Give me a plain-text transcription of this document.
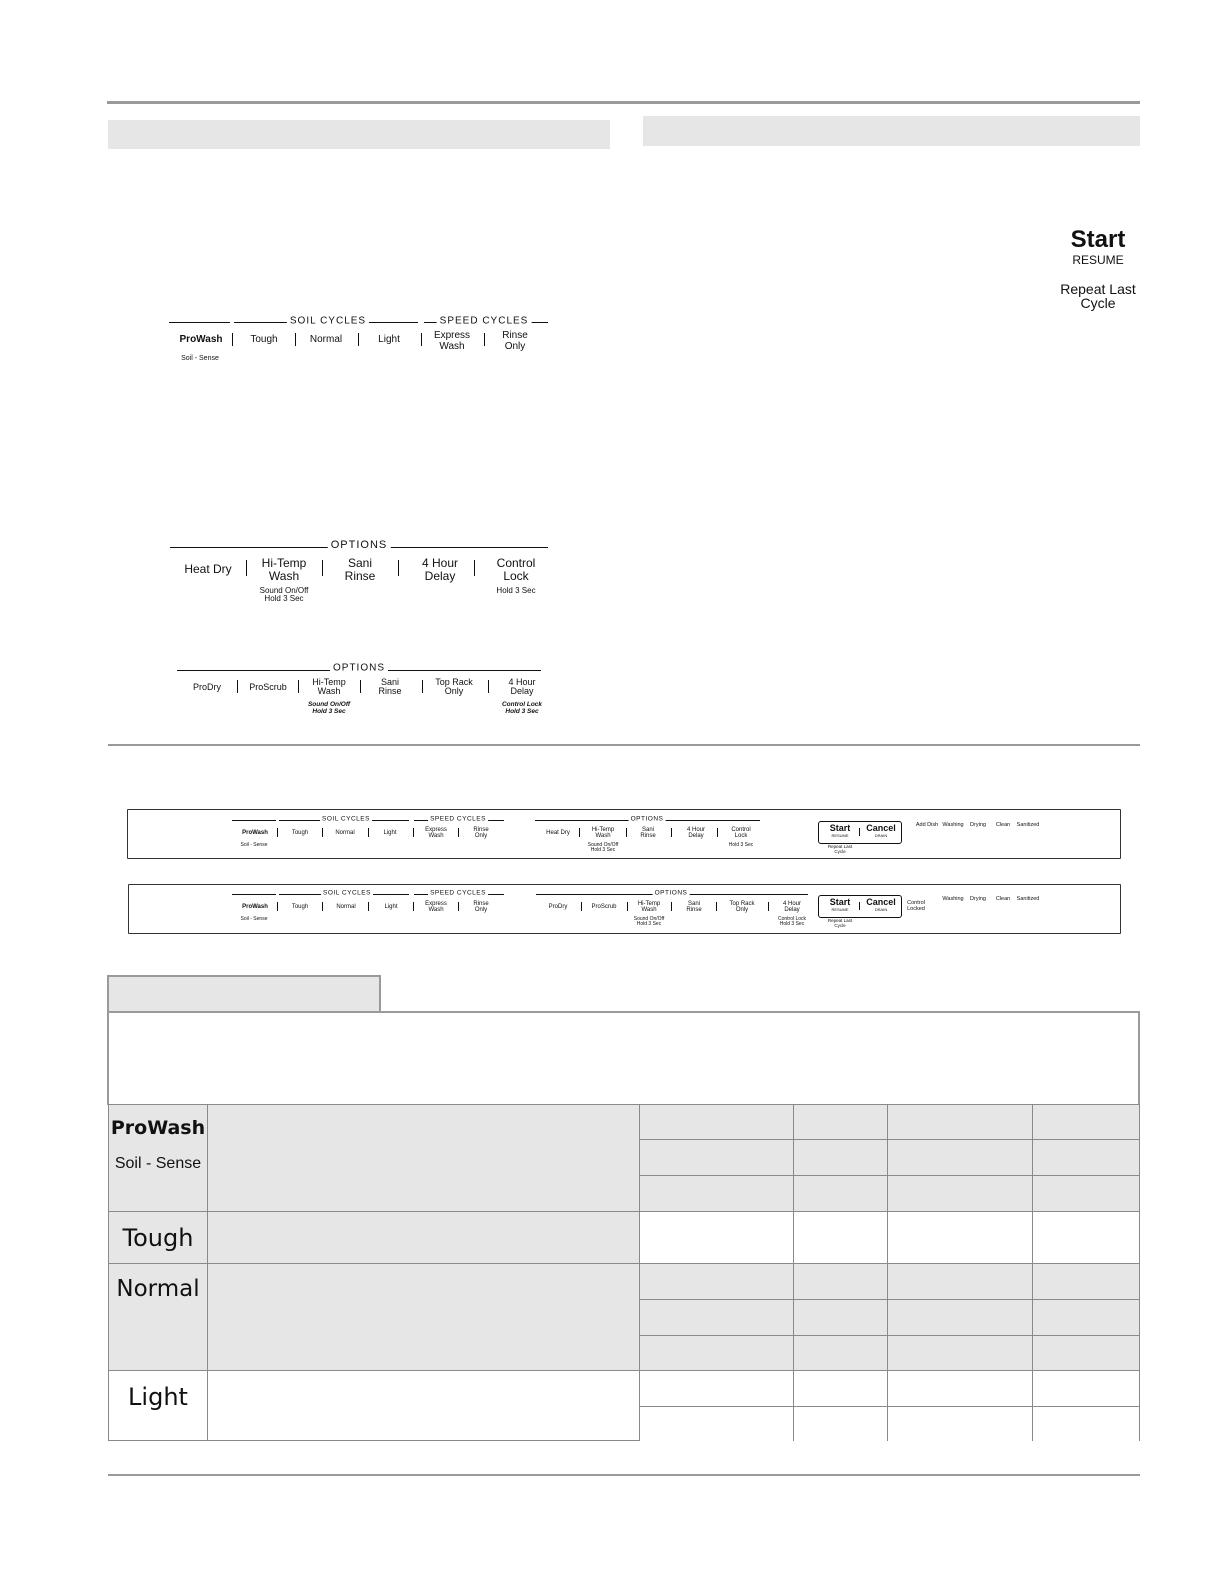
Start
RESUME
Repeat Last
Cycle
SOIL CYCLES	SPEED CYCLES
ProWash
Soil - Sense
Tough	Normal	Light	Express
Wash
Rinse
Only
OPTIONS
Heat Dry Hi-Temp
Wash
Sound On/Off
Hold 3 Sec
Sani
Rinse
4 Hour
Delay
Control
Lock
Hold 3 Sec
OPTIONS
ProDry	ProScrub	Hi-Temp
Wash
Sound On/Off
Hold 3 Sec
Sani
Rinse
Top Rack
Only
4 Hour
Delay
Control Lock
Hold 3 Sec
SOIL CYCLES	SPEED CYCLES	OPTIONS
ProWash
Soil - Sense
Tough	Normal	Light	Express
Wash
Rinse
Only
Heat Dry	Hi-Temp
Wash
Sound On/Off
Hold 3 Sec
Sani
Rinse
4 Hour
Delay
Control
Lock
Hold 3 Sec
Start
RESUME
Cancel
DRAIN
Repeat Last
Cycle
Add Dish Washing Drying Clean Sanitized
SOIL CYCLES	SPEED CYCLES	OPTIONS
ProWash
Soil - Sense
Tough	Normal	Light	Express
Wash
Rinse
Only
ProDry	ProScrub	Hi-Temp
Wash
Sound On/Off
Hold 3 Sec
Sani
Rinse
Top Rack
Only
4 Hour
Delay
Control Lock
Hold 3 Sec
Start
RESUME
Cancel
DRAIN
Repeat Last
Cycle
Control
Locked
Washing Drying Clean Sanitized
ProWash
Soil - Sense					

Tough					

Normal					

Light					
